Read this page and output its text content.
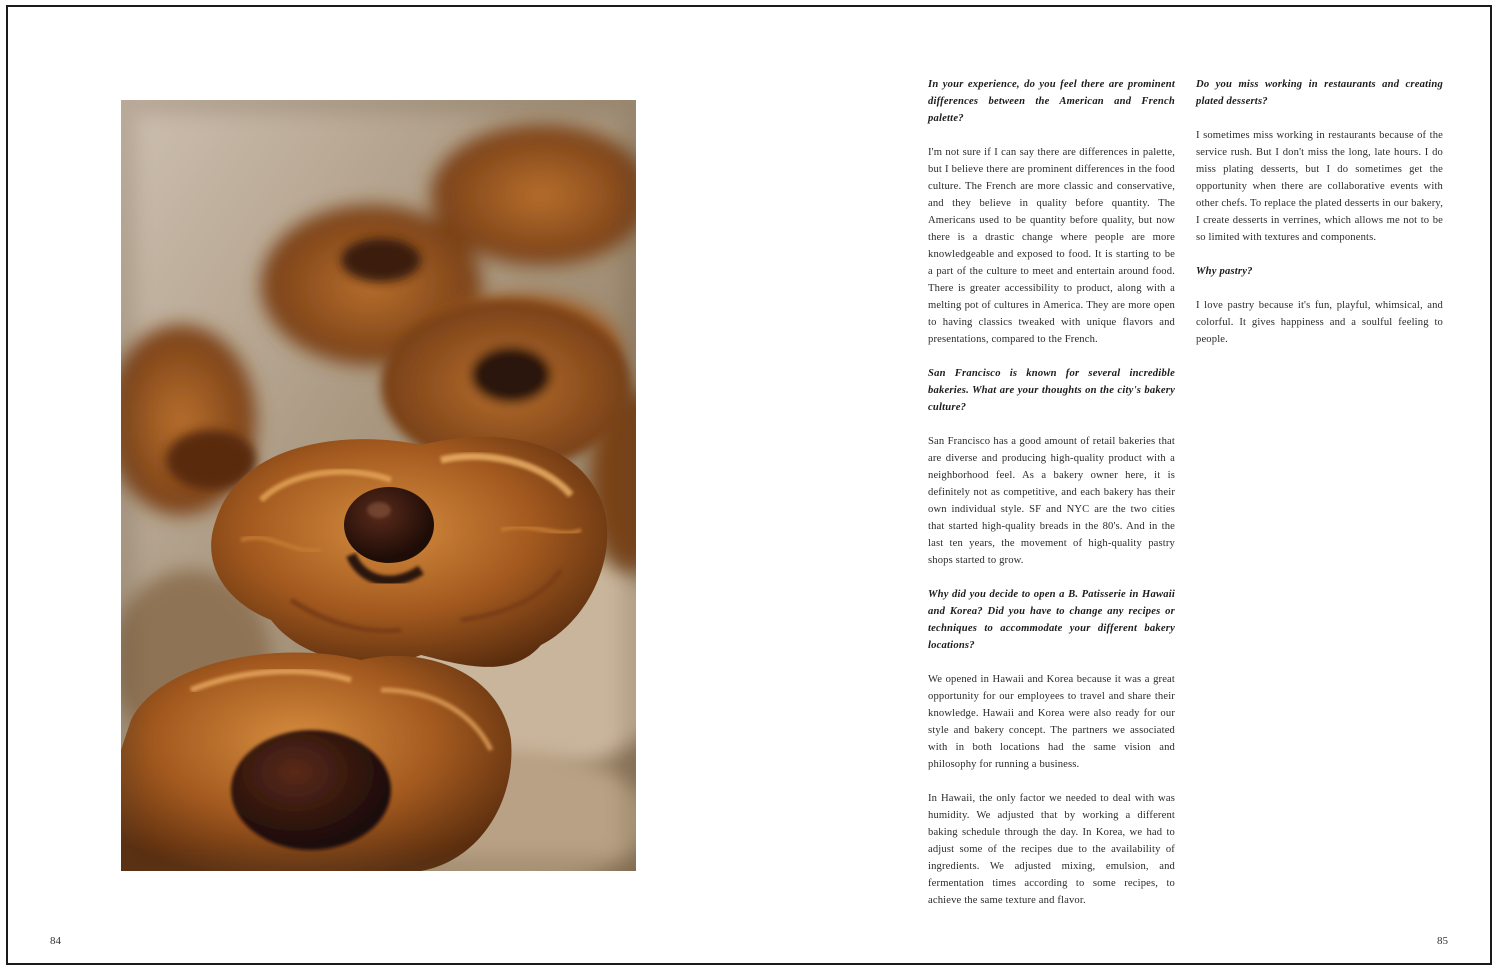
In your experience, do you feel there are prominent differences between the American and French palette?

I'm not sure if I can say there are differences in palette, but I believe there are prominent differences in the food culture. The French are more classic and conservative, and they believe in quality before quantity. The Americans used to be quantity before quality, but now there is a drastic change where people are more knowledgeable and exposed to food. It is starting to be a part of the culture to meet and entertain around food. There is greater accessibility to product, along with a melting pot of cultures in America. They are more open to having classics tweaked with unique flavors and presentations, compared to the French.

San Francisco is known for several incredible bakeries. What are your thoughts on the city's bakery culture?

San Francisco has a good amount of retail bakeries that are diverse and producing high-quality product with a neighborhood feel. As a bakery owner here, it is definitely not as competitive, and each bakery has their own individual style. SF and NYC are the two cities that started high-quality breads in the 80's. And in the last ten years, the movement of high-quality pastry shops started to grow.

Why did you decide to open a B. Patisserie in Hawaii and Korea? Did you have to change any recipes or techniques to accommodate your different bakery locations?

We opened in Hawaii and Korea because it was a great opportunity for our employees to travel and share their knowledge. Hawaii and Korea were also ready for our style and bakery concept. The partners we associated with in both locations had the same vision and philosophy for running a business.

In Hawaii, the only factor we needed to deal with was humidity. We adjusted that by working a different baking schedule through the day. In Korea, we had to adjust some of the recipes due to the availability of ingredients. We adjusted mixing, emulsion, and fermentation times according to some recipes, to achieve the same texture and flavor.

Do you miss working in restaurants and creating plated desserts?

I sometimes miss working in restaurants because of the service rush. But I don't miss the long, late hours. I do miss plating desserts, but I do sometimes get the opportunity when there are collaborative events with other chefs. To replace the plated desserts in our bakery, I create desserts in verrines, which allows me not to be so limited with textures and components.

Why pastry?

I love pastry because it's fun, playful, whimsical, and colorful. It gives happiness and a soulful feeling to people.

84	85
